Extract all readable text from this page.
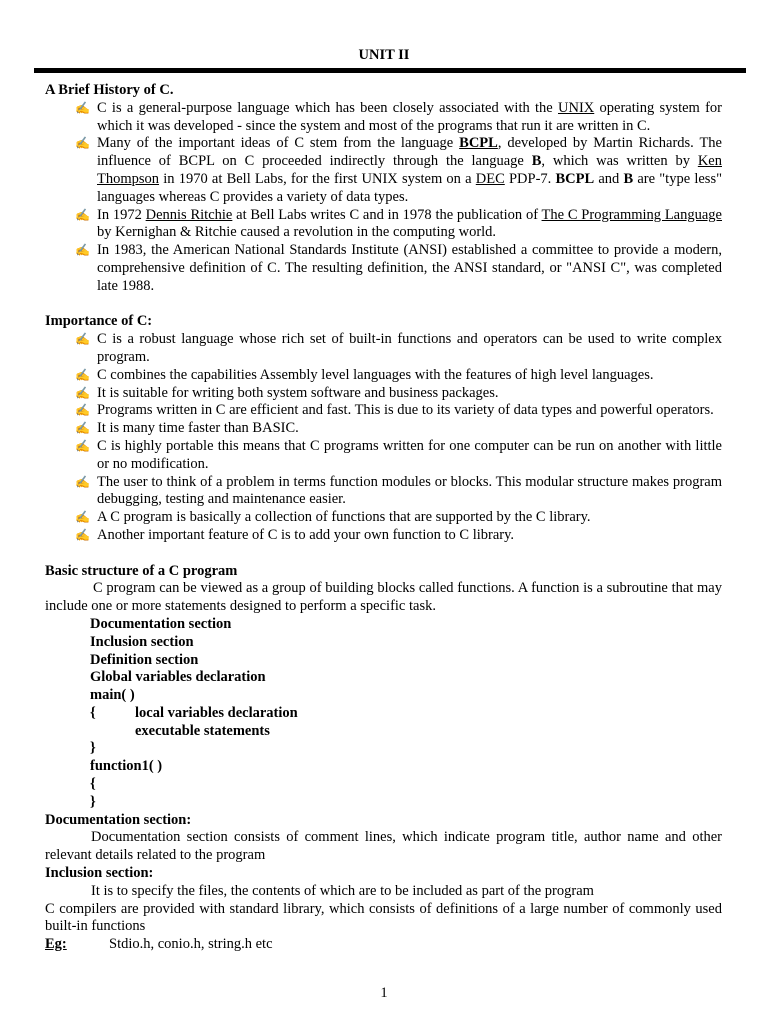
UNIT II
A Brief History of C.
✍ C is a general-purpose language which has been closely associated with the UNIX operating system for which it was developed - since the system and most of the programs that run it are written in C.
✍ Many of the important ideas of C stem from the language BCPL, developed by Martin Richards. The influence of BCPL on C proceeded indirectly through the language B, which was written by Ken Thompson in 1970 at Bell Labs, for the first UNIX system on a DEC PDP-7. BCPL and B are "type less" languages whereas C provides a variety of data types.
✍ In 1972 Dennis Ritchie at Bell Labs writes C and in 1978 the publication of The C Programming Language by Kernighan & Ritchie caused a revolution in the computing world.
✍ In 1983, the American National Standards Institute (ANSI) established a committee to provide a modern, comprehensive definition of C. The resulting definition, the ANSI standard, or "ANSI C", was completed late 1988.
Importance of C:
✍ C is a robust language whose rich set of built-in functions and operators can be used to write complex program.
✍ C combines the capabilities Assembly level languages with the features of high level languages.
✍ It is suitable for writing both system software and business packages.
✍ Programs written in C are efficient and fast. This is due to its variety of data types and powerful operators.
✍ It is many time faster than BASIC.
✍ C is highly portable this means that C programs written for one computer can be run on another with little or no modification.
✍ The user to think of a problem in terms function modules or blocks. This modular structure makes program debugging, testing and maintenance easier.
✍ A C program is basically a collection of functions that are supported by the C library.
✍ Another important feature of C is to add your own function to C library.
Basic structure of a C program
C program can be viewed as a group of building blocks called functions. A function is a subroutine that may include one or more statements designed to perform a specific task.
Documentation section
Inclusion section
Definition section
Global variables declaration
main( )
{	local variables declaration
executable statements
}
function1( )
{
}
Documentation section:
Documentation section consists of comment lines, which indicate program title, author name and other relevant details related to the program
Inclusion section:
It is to specify the files, the contents of which are to be included as part of the program
C compilers are provided with standard library, which consists of definitions of a large number of commonly used built-in functions
Eg:	Stdio.h, conio.h, string.h etc
1
